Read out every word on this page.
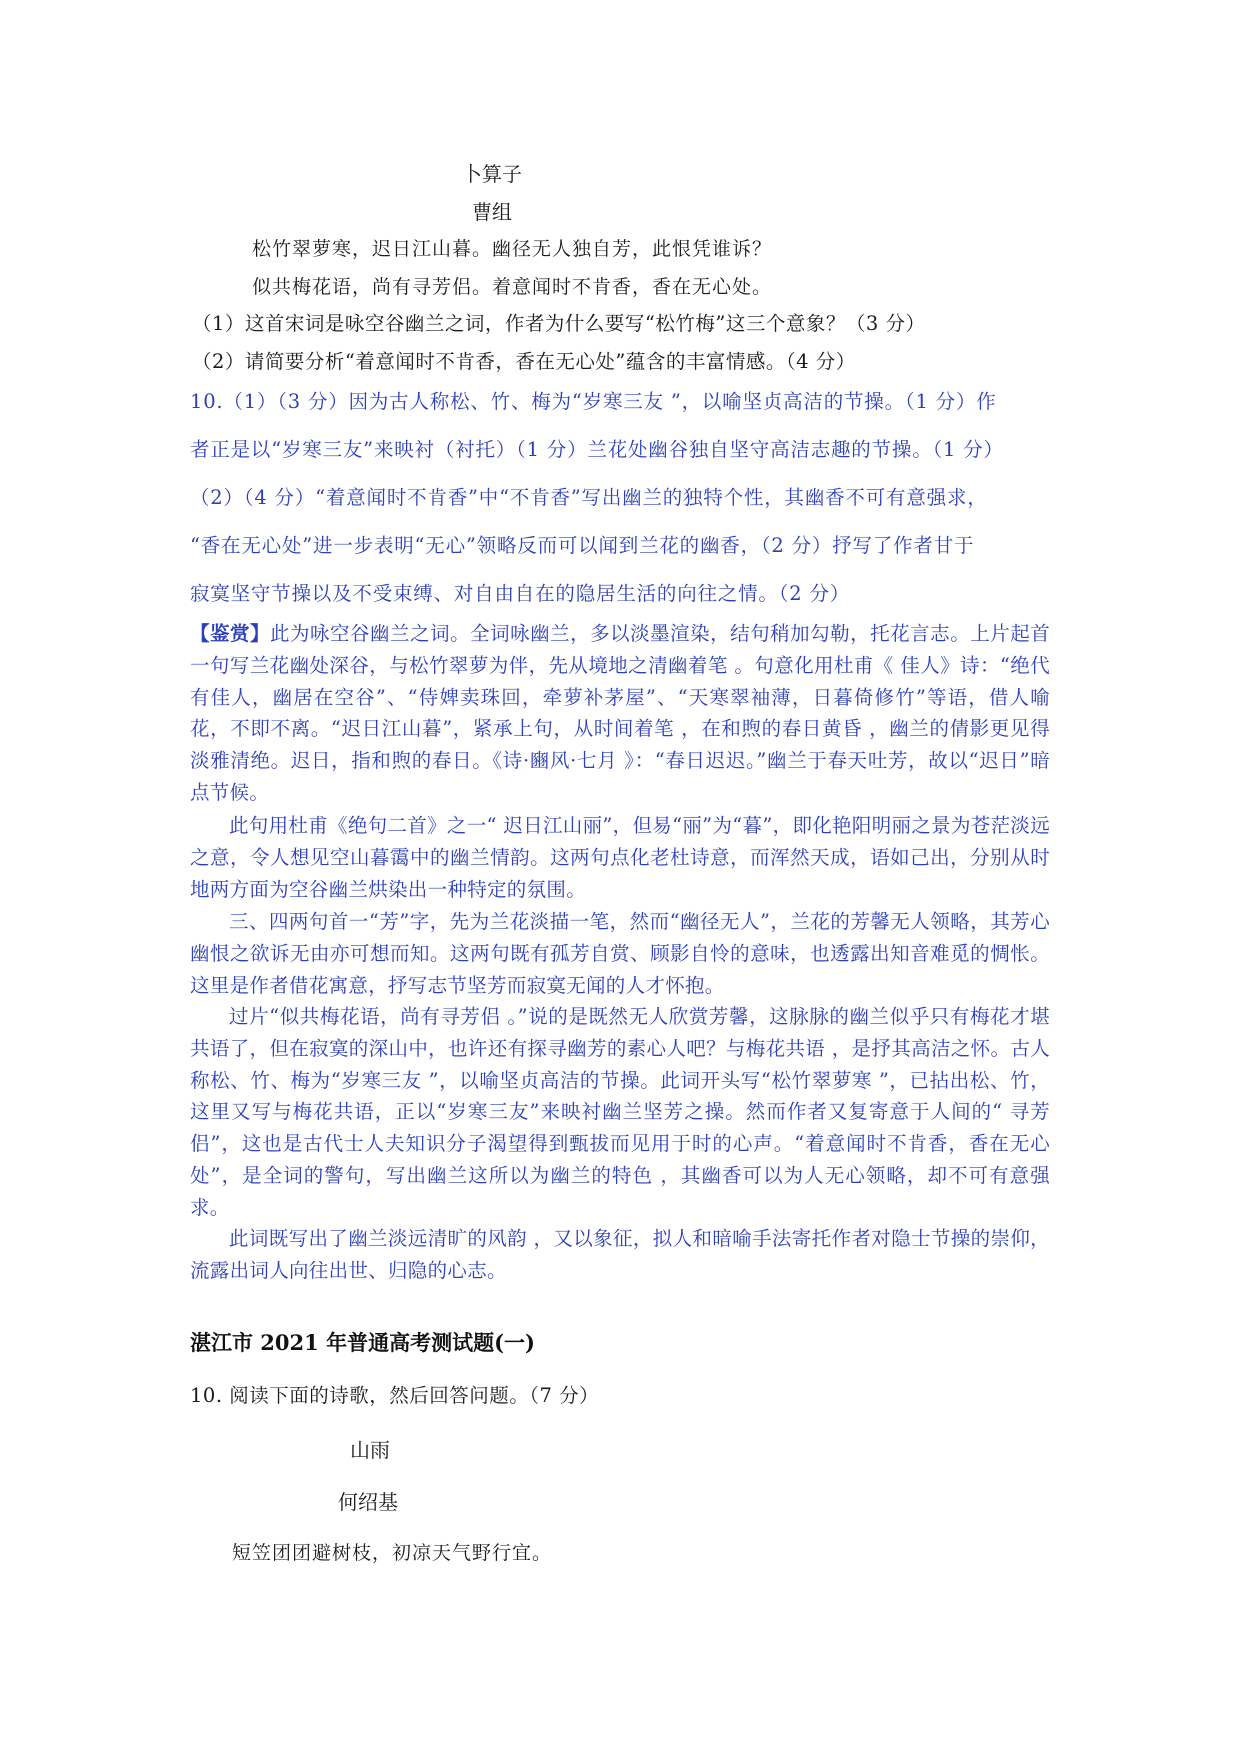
卜算子
曹组
松竹翠萝寒，迟日江山暮。幽径无人独自芳，此恨凭谁诉？
似共梅花语，尚有寻芳侣。着意闻时不肯香，香在无心处。
（1）这首宋词是咏空谷幽兰之词，作者为什么要写“松竹梅”这三个意象？（3 分）
（2）请简要分析“着意闻时不肯香，香在无心处”蕴含的丰富情感。（4 分）
10.（1）（3 分）因为古人称松、竹、梅为“岁寒三友 ”，以喻坚贞高洁的节操。（1 分）作
者正是以“岁寒三友”来映衬（衬托）（1 分）兰花处幽谷独自坚守高洁志趣的节操。（1 分）
（2）（4 分）“着意闻时不肯香”中“不肯香”写出幽兰的独特个性，其幽香不可有意强求，
“香在无心处”进一步表明“无心”领略反而可以闻到兰花的幽香，（2 分）抒写了作者甘于
寂寞坚守节操以及不受束缚、对自由自在的隐居生活的向往之情。（2 分）
【鉴赏】此为咏空谷幽兰之词。全词咏幽兰，多以淡墨渲染，结句稍加勾勒，托花言志。上片起首一句写兰花幽处深谷，与松竹翠萝为伴，先从境地之清幽着笔 。句意化用杜甫《 佳人》诗：“绝代有佳人，幽居在空谷”、“侍婢卖珠回，牵萝补茅屋”、“天寒翠袖薄，日暮倚修竹”等语，借人喻花，不即不离。“迟日江山暮”，紧承上句，从时间着笔 ，在和煦的春日黄昏 ，幽兰的倩影更见得淡雅清绝。迟日，指和煦的春日。《诗·豳风·七月 》：“春日迟迟。”幽兰于春天吐芳，故以“迟日”暗点节候。
此句用杜甫《绝句二首》之一“ 迟日江山丽”，但易“丽”为“暮”，即化艳阳明丽之景为苍茫淡远之意，令人想见空山暮霭中的幽兰情韵。这两句点化老杜诗意，而浑然天成，语如己出，分别从时地两方面为空谷幽兰烘染出一种特定的氛围。
三、四两句首一“芳”字，先为兰花淡描一笔，然而“幽径无人”，兰花的芳馨无人领略，其芳心幽恨之欲诉无由亦可想而知。这两句既有孤芳自赏、顾影自怜的意味，也透露出知音难觅的惆怅。这里是作者借花寓意，抒写志节坚芳而寂寞无闻的人才怀抱。
过片“似共梅花语，尚有寻芳侣 。”说的是既然无人欣赏芳馨，这脉脉的幽兰似乎只有梅花才堪共语了，但在寂寞的深山中，也许还有探寻幽芳的素心人吧？与梅花共语 ，是抒其高洁之怀。古人称松、竹、梅为“岁寒三友 ”，以喻坚贞高洁的节操。此词开头写“松竹翠萝寒 ”，已拈出松、竹，这里又写与梅花共语，正以“岁寒三友”来映衬幽兰坚芳之操。然而作者又复寄意于人间的“ 寻芳侣”，这也是古代士人夫知识分子渴望得到甄拔而见用于时的心声。“着意闻时不肯香，香在无心处”，是全词的警句，写出幽兰这所以为幽兰的特色 ，其幽香可以为人无心领略，却不可有意强求。
此词既写出了幽兰淡远清旷的风韵 ，又以象征，拟人和暗喻手法寄托作者对隐士节操的崇仰，流露出词人向往出世、归隐的心志。
湛江市 2021 年普通高考测试题(一)
10. 阅读下面的诗歌，然后回答问题。（7 分）
山雨
何绍基
短笠团团避树枝，初凉天气野行宜。
